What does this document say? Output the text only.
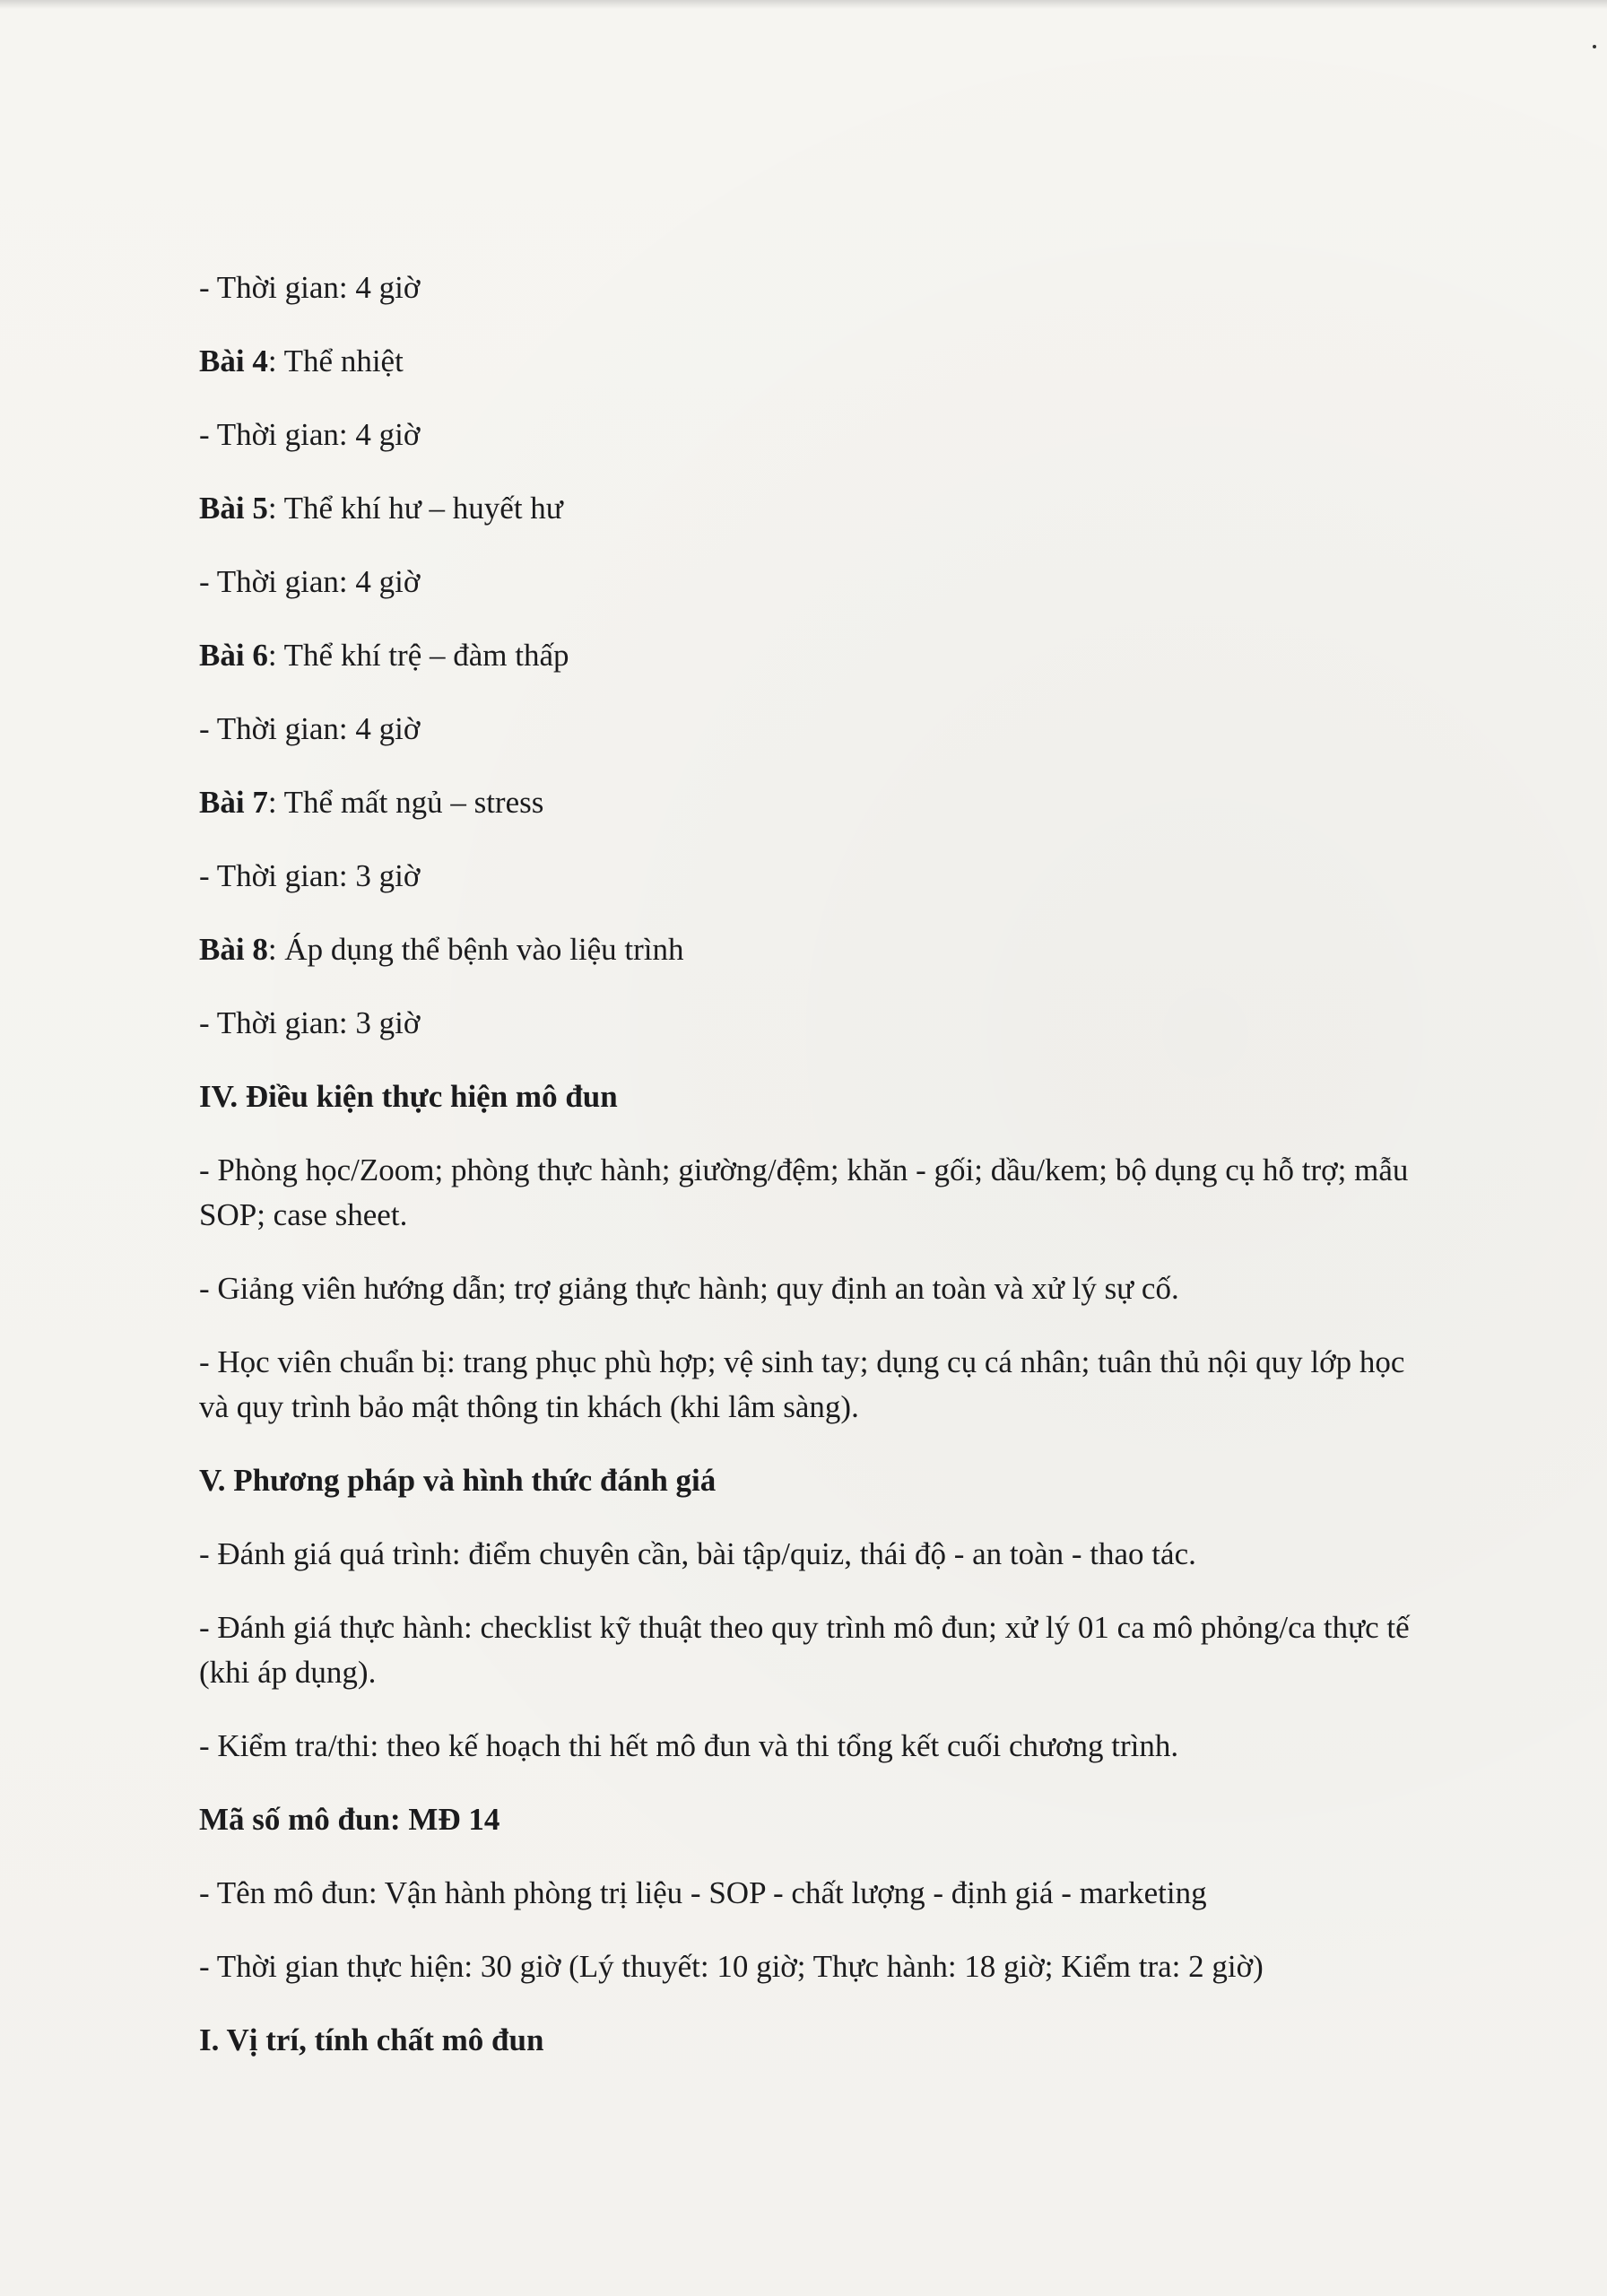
- Thời gian: 4 giờ

Bài 4: Thể nhiệt

- Thời gian: 4 giờ

Bài 5: Thể khí hư – huyết hư

- Thời gian: 4 giờ

Bài 6: Thể khí trệ – đàm thấp

- Thời gian: 4 giờ

Bài 7: Thể mất ngủ – stress

- Thời gian: 3 giờ

Bài 8: Áp dụng thể bệnh vào liệu trình

- Thời gian: 3 giờ

IV. Điều kiện thực hiện mô đun

- Phòng học/Zoom; phòng thực hành; giường/đệm; khăn - gối; dầu/kem; bộ dụng cụ hỗ trợ; mẫu SOP; case sheet.

- Giảng viên hướng dẫn; trợ giảng thực hành; quy định an toàn và xử lý sự cố.

- Học viên chuẩn bị: trang phục phù hợp; vệ sinh tay; dụng cụ cá nhân; tuân thủ nội quy lớp học và quy trình bảo mật thông tin khách (khi lâm sàng).

V. Phương pháp và hình thức đánh giá

- Đánh giá quá trình: điểm chuyên cần, bài tập/quiz, thái độ - an toàn - thao tác.

- Đánh giá thực hành: checklist kỹ thuật theo quy trình mô đun; xử lý 01 ca mô phỏng/ca thực tế (khi áp dụng).

- Kiểm tra/thi: theo kế hoạch thi hết mô đun và thi tổng kết cuối chương trình.

Mã số mô đun: MĐ 14

- Tên mô đun: Vận hành phòng trị liệu - SOP - chất lượng - định giá - marketing

- Thời gian thực hiện: 30 giờ (Lý thuyết: 10 giờ; Thực hành: 18 giờ; Kiểm tra: 2 giờ)

I. Vị trí, tính chất mô đun
